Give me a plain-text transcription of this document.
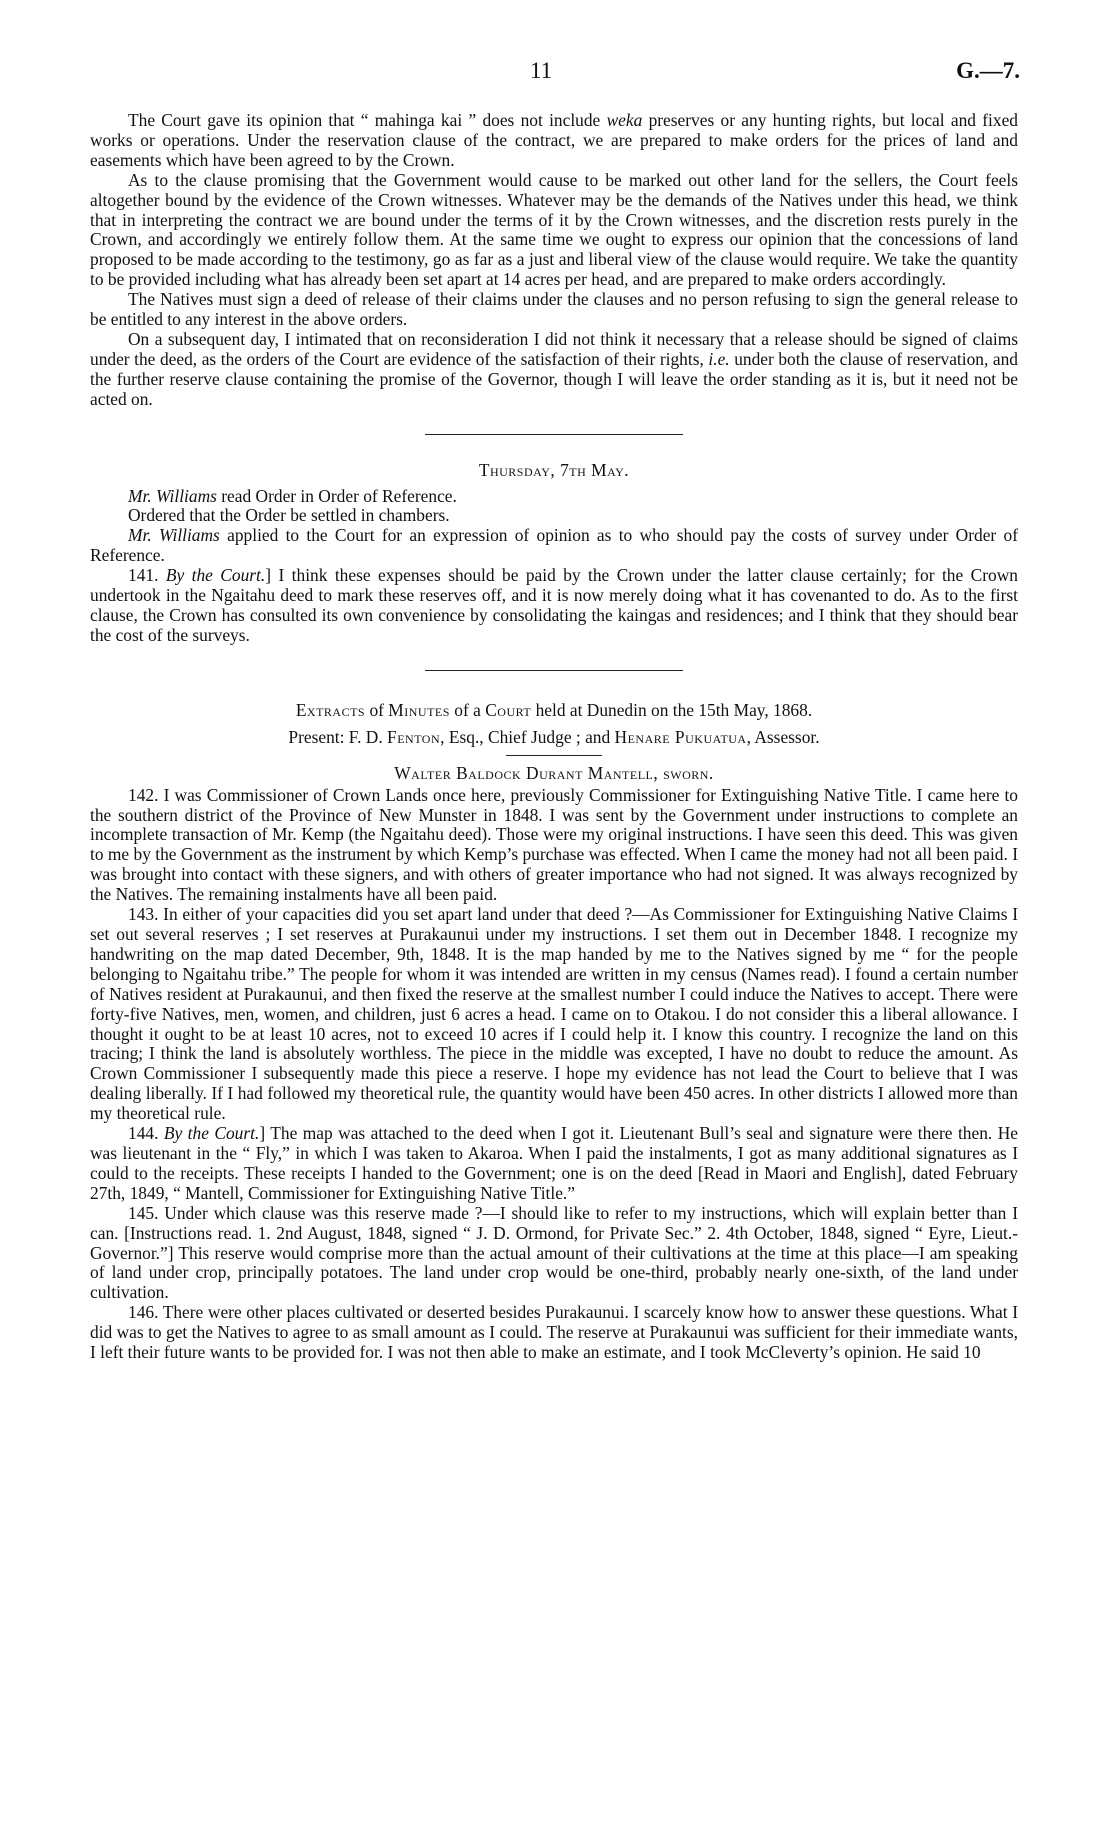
11	G.—7.

The Court gave its opinion that “ mahinga kai ” does not include weka preserves or any hunting rights, but local and fixed works or operations. Under the reservation clause of the contract, we are prepared to make orders for the prices of land and easements which have been agreed to by the Crown.

As to the clause promising that the Government would cause to be marked out other land for the sellers, the Court feels altogether bound by the evidence of the Crown witnesses. Whatever may be the demands of the Natives under this head, we think that in interpreting the contract we are bound under the terms of it by the Crown witnesses, and the discretion rests purely in the Crown, and accordingly we entirely follow them. At the same time we ought to express our opinion that the concessions of land proposed to be made according to the testimony, go as far as a just and liberal view of the clause would require. We take the quantity to be provided including what has already been set apart at 14 acres per head, and are prepared to make orders accordingly.

The Natives must sign a deed of release of their claims under the clauses and no person refusing to sign the general release to be entitled to any interest in the above orders.

On a subsequent day, I intimated that on reconsideration I did not think it necessary that a release should be signed of claims under the deed, as the orders of the Court are evidence of the satisfaction of their rights, i.e. under both the clause of reservation, and the further reserve clause containing the promise of the Governor, though I will leave the order standing as it is, but it need not be acted on.

Thursday, 7th May.

Mr. Williams read Order in Order of Reference.

Ordered that the Order be settled in chambers.

Mr. Williams applied to the Court for an expression of opinion as to who should pay the costs of survey under Order of Reference.

141. By the Court.] I think these expenses should be paid by the Crown under the latter clause certainly; for the Crown undertook in the Ngaitahu deed to mark these reserves off, and it is now merely doing what it has covenanted to do. As to the first clause, the Crown has consulted its own convenience by consolidating the kaingas and residences; and I think that they should bear the cost of the surveys.

Extracts of Minutes of a Court held at Dunedin on the 15th May, 1868.

Present: F. D. Fenton, Esq., Chief Judge ; and Henare Pukuatua, Assessor.

Walter Baldock Durant Mantell, sworn.

142. I was Commissioner of Crown Lands once here, previously Commissioner for Extinguishing Native Title. I came here to the southern district of the Province of New Munster in 1848. I was sent by the Government under instructions to complete an incomplete transaction of Mr. Kemp (the Ngaitahu deed). Those were my original instructions. I have seen this deed. This was given to me by the Government as the instrument by which Kemp’s purchase was effected. When I came the money had not all been paid. I was brought into contact with these signers, and with others of greater importance who had not signed. It was always recognized by the Natives. The remaining instalments have all been paid.

143. In either of your capacities did you set apart land under that deed ?—As Commissioner for Extinguishing Native Claims I set out several reserves ; I set reserves at Purakaunui under my instructions. I set them out in December 1848. I recognize my handwriting on the map dated December, 9th, 1848. It is the map handed by me to the Natives signed by me “ for the people belonging to Ngaitahu tribe.” The people for whom it was intended are written in my census (Names read). I found a certain number of Natives resident at Purakaunui, and then fixed the reserve at the smallest number I could induce the Natives to accept. There were forty-five Natives, men, women, and children, just 6 acres a head. I came on to Otakou. I do not consider this a liberal allowance. I thought it ought to be at least 10 acres, not to exceed 10 acres if I could help it. I know this country. I recognize the land on this tracing; I think the land is absolutely worthless. The piece in the middle was excepted, I have no doubt to reduce the amount. As Crown Commissioner I subsequently made this piece a reserve. I hope my evidence has not lead the Court to believe that I was dealing liberally. If I had followed my theoretical rule, the quantity would have been 450 acres. In other districts I allowed more than my theoretical rule.

144. By the Court.] The map was attached to the deed when I got it. Lieutenant Bull’s seal and signature were there then. He was lieutenant in the “ Fly,” in which I was taken to Akaroa. When I paid the instalments, I got as many additional signatures as I could to the receipts. These receipts I handed to the Government; one is on the deed [Read in Maori and English], dated February 27th, 1849, “ Mantell, Commissioner for Extinguishing Native Title.”

145. Under which clause was this reserve made ?—I should like to refer to my instructions, which will explain better than I can. [Instructions read. 1. 2nd August, 1848, signed “ J. D. Ormond, for Private Sec.” 2. 4th October, 1848, signed “ Eyre, Lieut.-Governor.”] This reserve would comprise more than the actual amount of their cultivations at the time at this place—I am speaking of land under crop, principally potatoes. The land under crop would be one-third, probably nearly one-sixth, of the land under cultivation.

146. There were other places cultivated or deserted besides Purakaunui. I scarcely know how to answer these questions. What I did was to get the Natives to agree to as small amount as I could. The reserve at Purakaunui was sufficient for their immediate wants, I left their future wants to be provided for. I was not then able to make an estimate, and I took McCleverty’s opinion. He said 10
